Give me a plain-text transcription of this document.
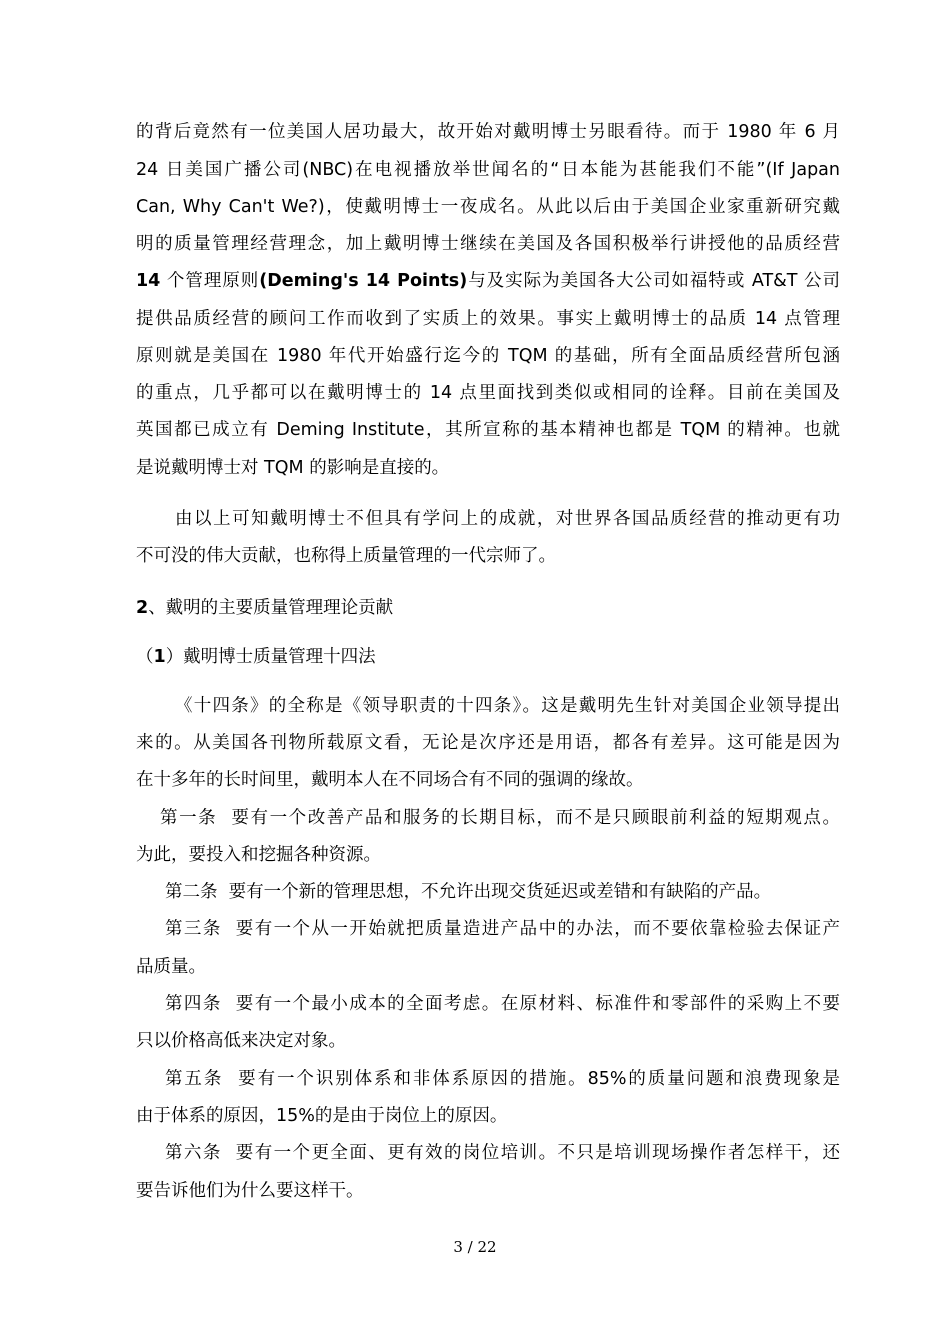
的背后竟然有一位美国人居功最大，故开始对戴明博士另眼看待。而于 1980 年 6 月
24 日美国广播公司(NBC)在电视播放举世闻名的“日本能为甚能我们不能”(If Japan
Can, Why Can't We?)，使戴明博士一夜成名。从此以后由于美国企业家重新研究戴
明的质量管理经营理念，加上戴明博士继续在美国及各国积极举行讲授他的品质经营
14 个管理原则(Deming's 14 Points)与及实际为美国各大公司如福特或 AT&T 公司
提供品质经营的顾问工作而收到了实质上的效果。事实上戴明博士的品质 14 点管理
原则就是美国在 1980 年代开始盛行迄今的 TQM 的基础，所有全面品质经营所包涵
的重点，几乎都可以在戴明博士的 14 点里面找到类似或相同的诠释。目前在美国及
英国都已成立有 Deming Institute，其所宣称的基本精神也都是 TQM 的精神。也就
是说戴明博士对 TQM 的影响是直接的。
由以上可知戴明博士不但具有学问上的成就，对世界各国品质经营的推动更有功
不可没的伟大贡献，也称得上质量管理的一代宗师了。
2、戴明的主要质量管理理论贡献
（1）戴明博士质量管理十四法
《十四条》的全称是《领导职责的十四条》。这是戴明先生针对美国企业领导提出
来的。从美国各刊物所载原文看，无论是次序还是用语，都各有差异。这可能是因为
在十多年的长时间里，戴明本人在不同场合有不同的强调的缘故。
第一条  要有一个改善产品和服务的长期目标，而不是只顾眼前利益的短期观点。
为此，要投入和挖掘各种资源。
第二条  要有一个新的管理思想，不允许出现交货延迟或差错和有缺陷的产品。
第三条  要有一个从一开始就把质量造进产品中的办法，而不要依靠检验去保证产
品质量。
第四条  要有一个最小成本的全面考虑。在原材料、标准件和零部件的采购上不要
只以价格高低来决定对象。
第五条  要有一个识别体系和非体系原因的措施。85%的质量问题和浪费现象是
由于体系的原因，15%的是由于岗位上的原因。
第六条  要有一个更全面、更有效的岗位培训。不只是培训现场操作者怎样干，还
要告诉他们为什么要这样干。
3 / 22
